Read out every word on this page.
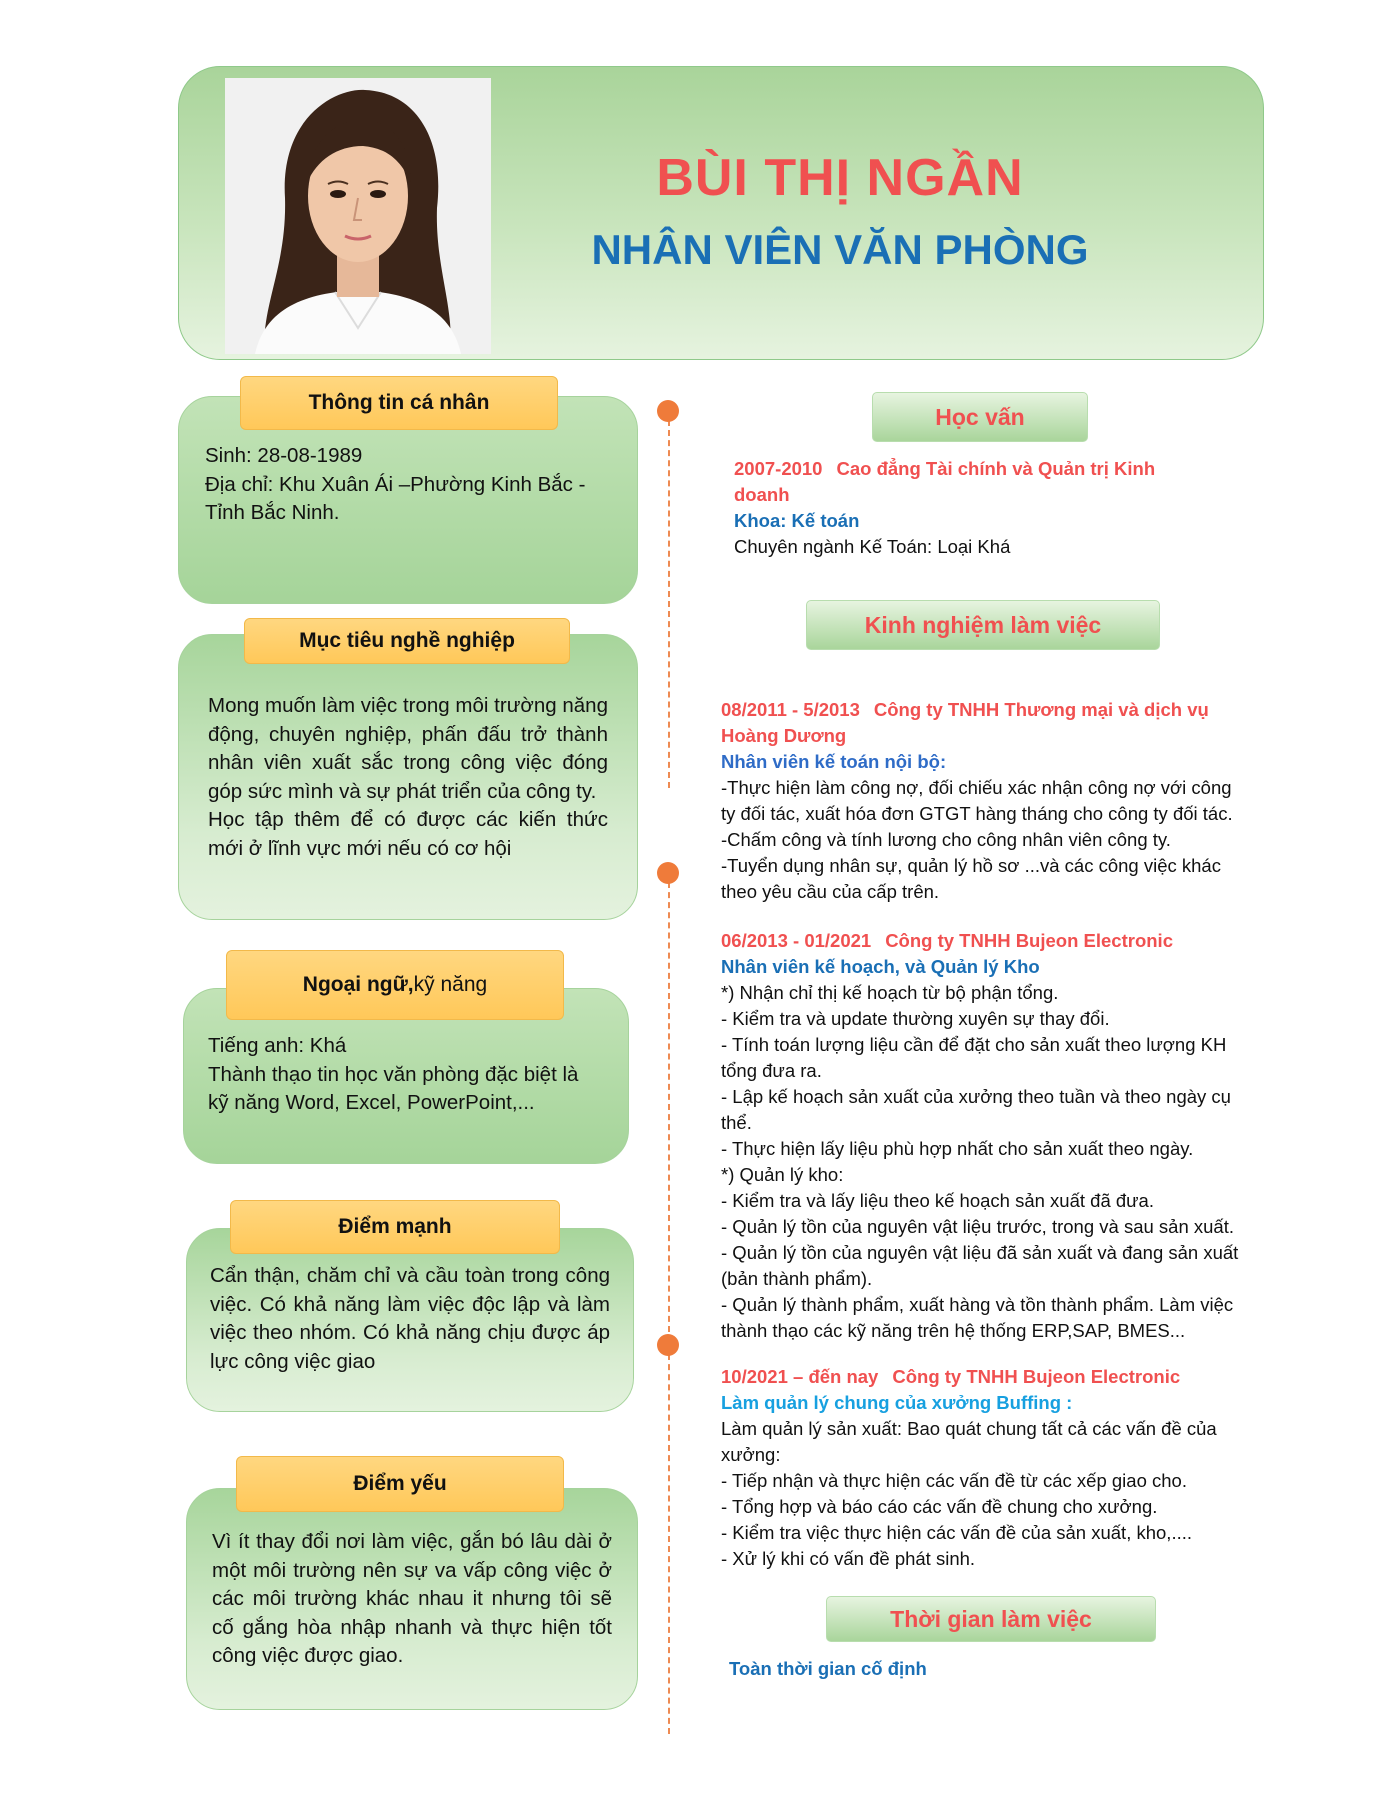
BÙI THỊ NGẦN
NHÂN VIÊN VĂN PHÒNG
Thông tin cá nhân
Sinh: 28-08-1989
Địa chỉ: Khu Xuân Ái –Phường Kinh Bắc -
Tỉnh Bắc Ninh.
Mục tiêu nghề nghiệp
Mong muốn làm việc trong môi trường năng động, chuyên nghiệp, phấn đấu trở thành nhân viên xuất sắc trong công việc đóng góp sức mình và sự phát triển của công ty.
Học tập thêm để có được các kiến thức mới ở lĩnh vực mới nếu có cơ hội
Ngoại ngữ, kỹ năng
Tiếng anh: Khá
Thành thạo tin học văn phòng đặc biệt là
kỹ năng Word, Excel, PowerPoint,...
Điểm mạnh
Cẩn thận, chăm chỉ và cầu toàn trong công việc. Có khả năng làm việc độc lập và làm việc theo nhóm. Có khả năng chịu được áp lực công việc giao
Điểm yếu
Vì ít thay đổi nơi làm việc, gắn bó lâu dài ở một môi trường nên sự va vấp công việc ở các môi trường khác nhau it nhưng tôi sẽ cố gắng hòa nhập nhanh và thực hiện tốt công việc được giao.
Học vấn
2007-2010 Cao đẳng Tài chính và Quản trị Kinh
doanh
Khoa: Kế toán
Chuyên ngành Kế Toán: Loại Khá
Kinh nghiệm làm việc
08/2011 - 5/2013 Công ty TNHH Thương mại và dịch vụ
Hoàng Dương
Nhân viên kế toán nội bộ:
-Thực hiện làm công nợ, đối chiếu xác nhận công nợ với công
ty đối tác, xuất hóa đơn GTGT hàng tháng cho công ty đối tác.
-Chấm công và tính lương cho công nhân viên công ty.
-Tuyển dụng nhân sự, quản lý hồ sơ ...và các công việc khác
theo yêu cầu của cấp trên.
06/2013 - 01/2021 Công ty TNHH Bujeon Electronic
Nhân viên kế hoạch, và Quản lý Kho
*) Nhận chỉ thị kế hoạch từ bộ phận tổng.
- Kiểm tra và update thường xuyên sự thay đổi.
- Tính toán lượng liệu cần để đặt cho sản xuất theo lượng KH
tổng đưa ra.
- Lập kế hoạch sản xuất của xưởng theo tuần và theo ngày cụ
thể.
- Thực hiện lấy liệu phù hợp nhất cho sản xuất theo ngày.
*) Quản lý kho:
- Kiểm tra và lấy liệu theo kế hoạch sản xuất đã đưa.
- Quản lý tồn của nguyên vật liệu trước, trong và sau sản xuất.
- Quản lý tồn của nguyên vật liệu đã sản xuất và đang sản xuất
(bản thành phẩm).
- Quản lý thành phẩm, xuất hàng và tồn thành phẩm. Làm việc
thành thạo các kỹ năng trên hệ thống ERP,SAP, BMES...
10/2021 – đến nay Công ty TNHH Bujeon Electronic
Làm quản lý chung của xưởng Buffing :
Làm quản lý sản xuất: Bao quát chung tất cả các vấn đề của
xưởng:
- Tiếp nhận và thực hiện các vấn đề từ các xếp giao cho.
- Tổng hợp và báo cáo các vấn đề chung cho xưởng.
- Kiểm tra việc thực hiện các vấn đề của sản xuất, kho,....
- Xử lý khi có vấn đề phát sinh.
Thời gian làm việc
Toàn thời gian cố định
